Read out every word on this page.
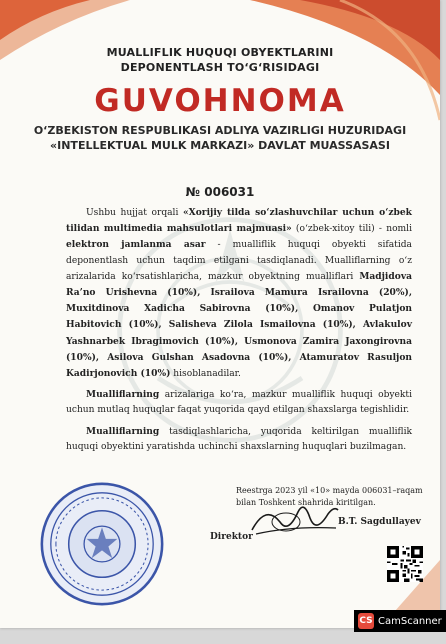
MUALLIFLIK HUQUQI OBYEKTLARINI
DEPONENTLASH TO‘G‘RISIDAGI
GUVOHNOMA
O‘ZBEKISTON RESPUBLIKASI ADLIYA VAZIRLIGI HUZURIDAGI
«INTELLEKTUAL MULK MARKAZI» DAVLAT MUASSASASI
№ 006031

Ushbu hujjat orqali «Xorijiy tilda so‘zlashuvchilar uchun o‘zbek tilidan multimedia mahsulotlari majmuasi» (o‘zbek-xitoy tili) - nomli elektron jamlanma asar - mualliflik huquqi obyekti sifatida deponentlash uchun taqdim etilgani tasdiqlanadi. Mualliflarning o‘z arizalarida ko‘rsatishlaricha, mazkur obyektning mualliflari Madjidova Ra’no Urishevna (10%), Israilova Mamura Israilovna (20%), Muxitdinova Xadicha Sabirovna (10%), Omanov Pulatjon Habitovich (10%), Salisheva Zilola Ismailovna (10%), Avlakulov Yashnarbek Ibragimovich (10%), Usmonova Zamira Jaxongirovna (10%), Asilova Gulshan Asadovna (10%), Atamuratov Rasuljon Kadirjonovich (10%) hisoblanadilar.

Mualliflarning arizalariga ko‘ra, mazkur mualliflik huquqi obyekti uchun mutlaq huquqlar faqat yuqorida qayd etilgan shaxslarga tegishlidir.

Mualliflarning tasdiqlashlaricha, yuqorida keltirilgan mualliflik huquqi obyektini yaratishda uchinchi shaxslarning huquqlari buzilmagan.

Reestrga 2023 yil «10» mayda 006031–raqam
bilan Toshkent shahrida kiritilgan.
Direktor
B.T. Sagdullayev
CS CamScanner
